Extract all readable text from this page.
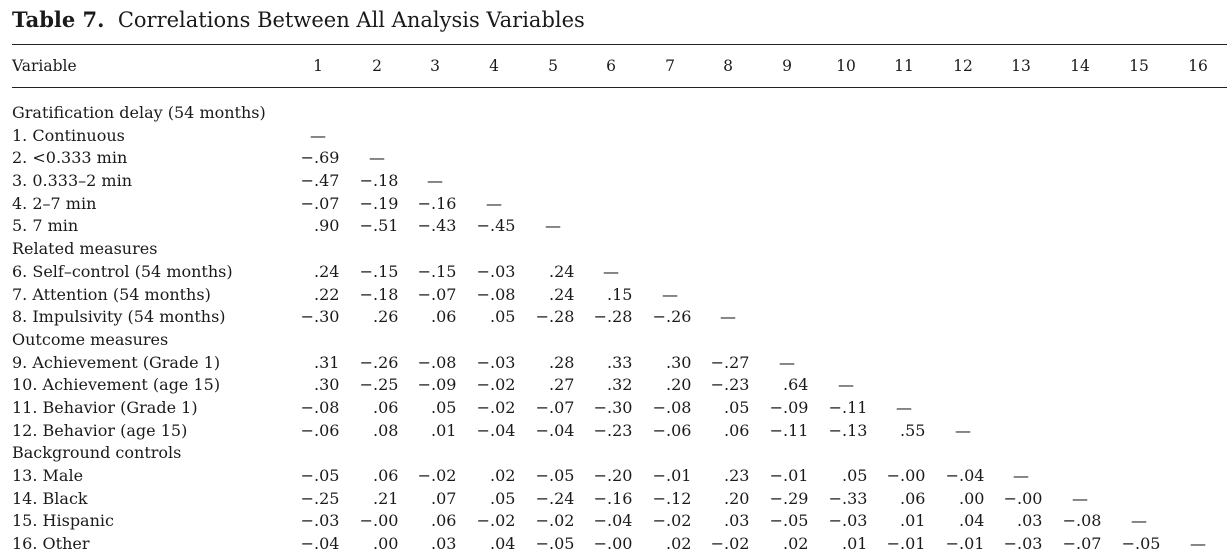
Table 7. Correlations Between All Analysis Variables
Variable	1	2	3	4	5	6	7	8	9	10 11	12 13	14	15	16
Gratification delay (54 months)
1. Continuous	—
2. <0.333 min	−.69 —
3. 0.333–2 min	−.47 −.18 —
4. 2–7 min	−.07 −.19 −.16 —
5. 7 min	.90 −.51 −.43 −.45 —
Related measures
6. Self–control (54 months)	.24 −.15 −.15 −.03 .24 —
7. Attention (54 months)	.22 −.18 −.07 −.08 .24 .15 —
8. Impulsivity (54 months)	−.30 .26 .06 .05 −.28 −.28 −.26 —
Outcome measures
9. Achievement (Grade 1)	.31 −.26 −.08 −.03 .28 .33 .30 −.27 —
10. Achievement (age 15)	.30 −.25 −.09 −.02 .27 .32 .20 −.23 .64 —
11. Behavior (Grade 1)	−.08 .06 .05 −.02 −.07 −.30 −.08 .05 −.09 −.11 —
12. Behavior (age 15)	−.06 .08 .01 −.04 −.04 −.23 −.06 .06 −.11 −.13 .55 —
Background controls
13. Male	−.05 .06 −.02 .02 −.05 −.20 −.01 .23 −.01 .05 −.00 −.04 —
14. Black	−.25 .21 .07 .05 −.24 −.16 −.12 .20 −.29 −.33 .06 .00 −.00 —
15. Hispanic	−.03 −.00 .06 −.02 −.02 −.04 −.02 .03 −.05 −.03 .01 .04 .03 −.08 —
16. Other	−.04 .00 .03 .04 −.05 −.00 .02 −.02 .02 .01 −.01 −.01 −.03 −.07 −.05 —
